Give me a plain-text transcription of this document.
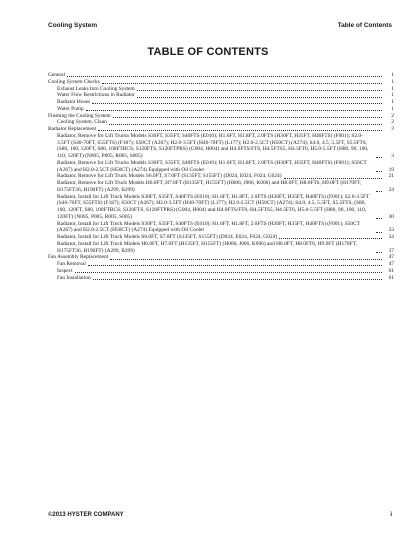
Cooling System	Table of Contents
TABLE OF CONTENTS
General	1
Cooling System Checks	1
Exhaust Leaks Into Cooling System	1
Water Flow Restrictions in Radiator	1
Radiator Hoses	1
Water Pump	1
Flushing the Cooling System	2
Cooling System, Clean	2
Radiator Replacement	3
Radiator, Remove for Lift Trucks Models S30FT, S35FT, S40FTS (E010); H1.6FT, H1.8FT, 2.0FTS (H30FT, H35FT, H40FTS) (F001); S2.0-3.5FT (S40-70FT, S55FTS) (F187); S50CT (A267); H2.0-3.5FT (H40-70FT) (L177); H2.0-2.5CT (H50CT) (A274); S4.0, 4.5, 5.5FT, S5.5FTS, (S80, 100, 120FT, S80, 100FTBCS; S120FTS, S120FTPRS) (G004, H004) and H4.0FTS/FT6, H4.5FTS5, H4.5FT6, H5.0-5.5FT (H80, 90, 100, 110, 120FT) (N005, P005, R005, S005)	3
Radiator, Remove for Lift Trucks Models S30FT, S35FT, S40FTS (E010); H1.6FT, H1.8FT, 2.0FTS (H30FT, H35FT, H40FTS) (F001); S50CT (A267) and H2.0-2.5CT (H50CT) (A274) Equipped with Oil Cooler	19
Radiator, Remove for Lift Truck Models S6.0FT, S7.0FT (S135FT, S155FT) (D024, E024, F024, G024)	21
Radiator, Remove for Lift Truck Models H6.0FT, H7.0FT (H135FT, H155FT) (H006, J006, K006) and H8.0FT, H8.0FT6, H9.0FT (H170FT, H175FT36, H190FT) (A299, B299)	24
Radiator, Install for Lift Truck Models S30FT, S35FT, S40FTS (E010); H1.6FT, H1.8FT, 2.0FTS (H30FT, H35FT, H40FTS) (F001); S2.0-3.5FT (S40-70FT, S55FTS) (F187); S50CT (A267); H2.0-3.5FT (H40-70FT) (L177); H2.0-2.5CT (H50CT) (A274); S4.0, 4.5, 5.5FT, S5.5FTS, (S80, 100, 120FT, S80, 100FTBCS; S120FTS, S120FTPRS) (G004, H004) and H4.0FTS/FT6, H4.5FTS5, H4.5FT6, H5.0-5.5FT (H80, 90, 100, 110, 120FT) (N005, P005, R005, S005)	30
Radiator, Install for Lift Truck Models S30FT, S35FT, S40FTS (E010); H1.6FT, H1.8FT, 2.0FTS (H30FT, H35FT, H40FTS) (F001); S50CT (A267) and H2.0-2.5CT (H50CT) (A274) Equipped with Oil Cooler	33
Radiator, Install for Lift Truck Models S6.0FT, S7.0FT (S135FT, S155FT) (D024, E024, F024, G024)	34
Radiator, Install for Lift Truck Models H6.0FT, H7.0FT (H135FT, H155FT) (H006, J006, K006) and H8.0FT, H8.0FT6, H9.0FT (H170FT, H175FT36, H190FT) (A299, B299)	37
Fan Assembly Replacement	47
Fan Removal	47
Inspect	61
Fan Installation	61
©2013 HYSTER COMPANY	i
